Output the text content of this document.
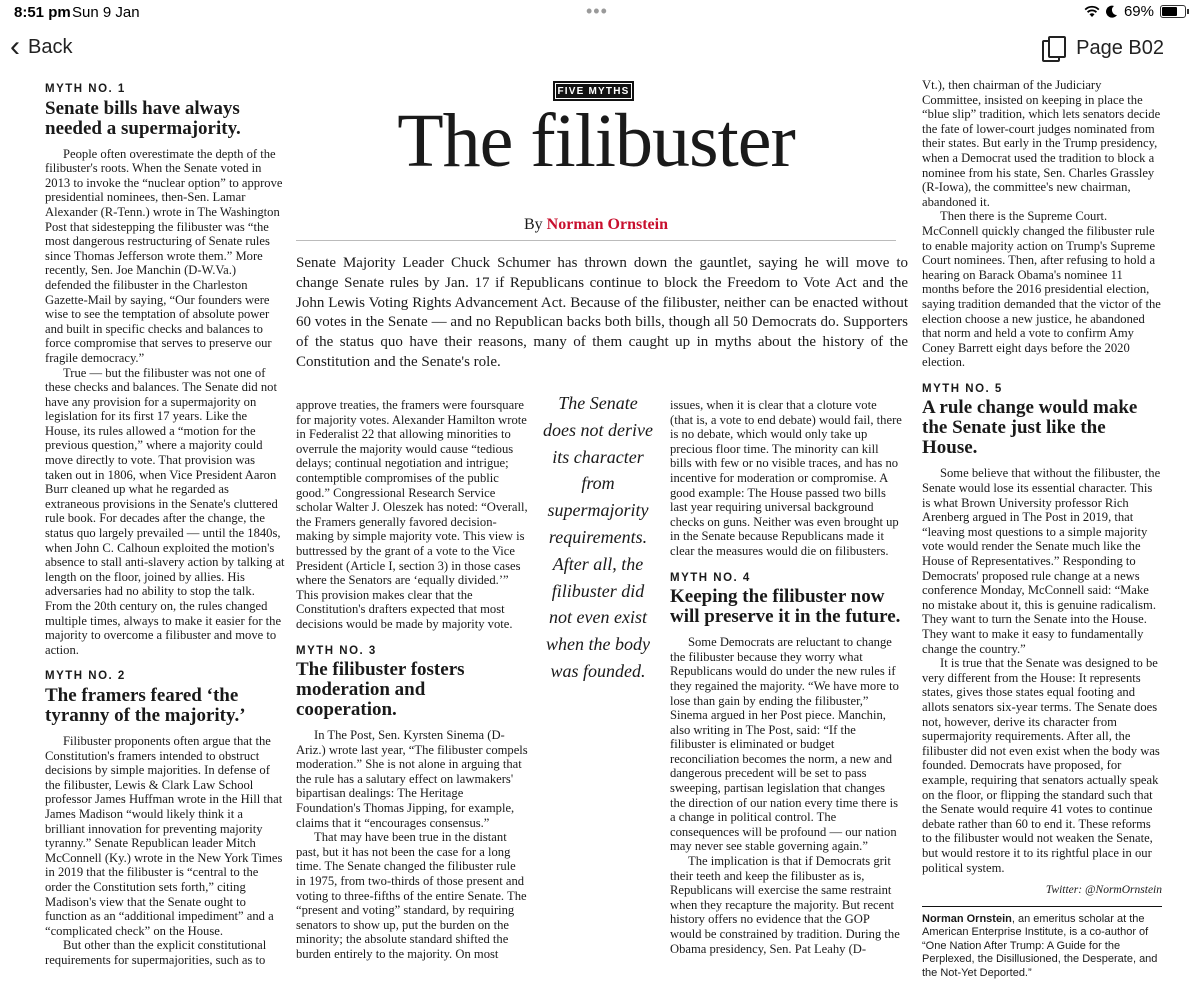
8:51 pm Sun 9 Jan	•••	69%
‹ Back	Page B02
MYTH NO. 1
Senate bills have always needed a supermajority.

People often overestimate the depth of the filibuster's roots. When the Senate voted in 2013 to invoke the “nuclear option” to approve presidential nominees, then-Sen. Lamar Alexander (R-Tenn.) wrote in The Washington Post that sidestepping the filibuster was “the most dangerous restructuring of Senate rules since Thomas Jefferson wrote them.” More recently, Sen. Joe Manchin (D-W.Va.) defended the filibuster in the Charleston Gazette-Mail by saying, “Our founders were wise to see the temptation of absolute power and built in specific checks and balances to force compromise that serves to preserve our fragile democracy.”

True — but the filibuster was not one of these checks and balances. The Senate did not have any provision for a supermajority on legislation for its first 17 years. Like the House, its rules allowed a “motion for the previous question,” where a majority could move directly to vote. That provision was taken out in 1806, when Vice President Aaron Burr cleaned up what he regarded as extraneous provisions in the Senate's cluttered rule book. For decades after the change, the status quo largely prevailed — until the 1840s, when John C. Calhoun exploited the motion's absence to stall anti-slavery action by talking at length on the floor, joined by allies. His adversaries had no ability to stop the talk. From the 20th century on, the rules changed multiple times, always to make it easier for the majority to overcome a filibuster and move to action.

MYTH NO. 2
The framers feared ‘the tyranny of the majority.’

Filibuster proponents often argue that the Constitution's framers intended to obstruct decisions by simple majorities. In defense of the filibuster, Lewis & Clark Law School professor James Huffman wrote in the Hill that James Madison “would likely think it a brilliant innovation for preventing majority tyranny.” Senate Republican leader Mitch McConnell (Ky.) wrote in the New York Times in 2019 that the filibuster is “central to the order the Constitution sets forth,” citing Madison's view that the Senate ought to function as an “additional impediment” and a “complicated check” on the House.

But other than the explicit constitutional requirements for supermajorities, such as to

FIVE MYTHS
The filibuster
By Norman Ornstein
Senate Majority Leader Chuck Schumer has thrown down the gauntlet, saying he will move to change Senate rules by Jan. 17 if Republicans continue to block the Freedom to Vote Act and the John Lewis Voting Rights Advancement Act. Because of the filibuster, neither can be enacted without 60 votes in the Senate — and no Republican backs both bills, though all 50 Democrats do. Supporters of the status quo have their reasons, many of them caught up in myths about the history of the Constitution and the Senate's role.

approve treaties, the framers were foursquare for majority votes. Alexander Hamilton wrote in Federalist 22 that allowing minorities to overrule the majority would cause “tedious delays; continual negotiation and intrigue; contemptible compromises of the public good.” Congressional Research Service scholar Walter J. Oleszek has noted: “Overall, the Framers generally favored decision-making by simple majority vote. This view is buttressed by the grant of a vote to the Vice President (Article I, section 3) in those cases where the Senators are ‘equally divided.’” This provision makes clear that the Constitution's drafters expected that most decisions would be made by majority vote.

MYTH NO. 3
The filibuster fosters moderation and cooperation.

In The Post, Sen. Kyrsten Sinema (D-Ariz.) wrote last year, “The filibuster compels moderation.” She is not alone in arguing that the rule has a salutary effect on lawmakers' bipartisan dealings: The Heritage Foundation's Thomas Jipping, for example, claims that it “encourages consensus.”

That may have been true in the distant past, but it has not been the case for a long time. The Senate changed the filibuster rule in 1975, from two-thirds of those present and voting to three-fifths of the entire Senate. The “present and voting” standard, by requiring senators to show up, put the burden on the minority; the absolute standard shifted the burden entirely to the majority. On most

The Senate does not derive its character from supermajority requirements. After all, the filibuster did not even exist when the body was founded.

issues, when it is clear that a cloture vote (that is, a vote to end debate) would fail, there is no debate, which would only take up precious floor time. The minority can kill bills with few or no visible traces, and has no incentive for moderation or compromise. A good example: The House passed two bills last year requiring universal background checks on guns. Neither was even brought up in the Senate because Republicans made it clear the measures would die on filibusters.

MYTH NO. 4
Keeping the filibuster now will preserve it in the future.

Some Democrats are reluctant to change the filibuster because they worry what Republicans would do under the new rules if they regained the majority. “We have more to lose than gain by ending the filibuster,” Sinema argued in her Post piece. Manchin, also writing in The Post, said: “If the filibuster is eliminated or budget reconciliation becomes the norm, a new and dangerous precedent will be set to pass sweeping, partisan legislation that changes the direction of our nation every time there is a change in political control. The consequences will be profound — our nation may never see stable governing again.”

The implication is that if Democrats grit their teeth and keep the filibuster as is, Republicans will exercise the same restraint when they recapture the majority. But recent history offers no evidence that the GOP would be constrained by tradition. During the Obama presidency, Sen. Pat Leahy (D-

Vt.), then chairman of the Judiciary Committee, insisted on keeping in place the “blue slip” tradition, which lets senators decide the fate of lower-court judges nominated from their states. But early in the Trump presidency, when a Democrat used the tradition to block a nominee from his state, Sen. Charles Grassley (R-Iowa), the committee's new chairman, abandoned it.

Then there is the Supreme Court. McConnell quickly changed the filibuster rule to enable majority action on Trump's Supreme Court nominees. Then, after refusing to hold a hearing on Barack Obama's nominee 11 months before the 2016 presidential election, saying tradition demanded that the victor of the election choose a new justice, he abandoned that norm and held a vote to confirm Amy Coney Barrett eight days before the 2020 election.

MYTH NO. 5
A rule change would make the Senate just like the House.

Some believe that without the filibuster, the Senate would lose its essential character. This is what Brown University professor Rich Arenberg argued in The Post in 2019, that “leaving most questions to a simple majority vote would render the Senate much like the House of Representatives.” Responding to Democrats' proposed rule change at a news conference Monday, McConnell said: “Make no mistake about it, this is genuine radicalism. They want to turn the Senate into the House. They want to make it easy to fundamentally change the country.”

It is true that the Senate was designed to be very different from the House: It represents states, gives those states equal footing and allots senators six-year terms. The Senate does not, however, derive its character from supermajority requirements. After all, the filibuster did not even exist when the body was founded. Democrats have proposed, for example, requiring that senators actually speak on the floor, or flipping the standard such that the Senate would require 41 votes to continue debate rather than 60 to end it. These reforms to the filibuster would not weaken the Senate, but would restore it to its rightful place in our political system.

Twitter: @NormOrnstein
Norman Ornstein, an emeritus scholar at the American Enterprise Institute, is a co-author of “One Nation After Trump: A Guide for the Perplexed, the Disillusioned, the Desperate, and the Not-Yet Deported.”
